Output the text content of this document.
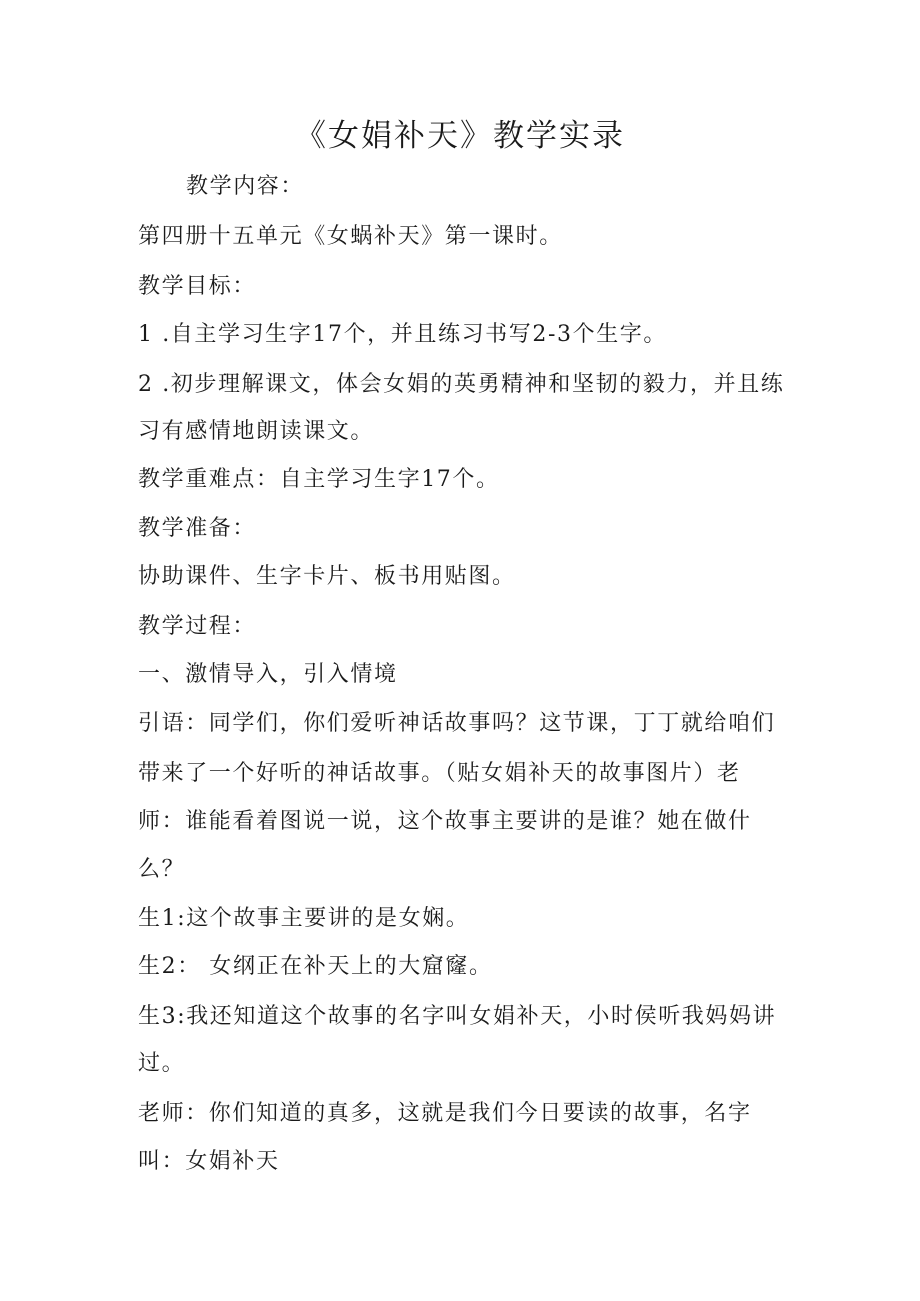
《女娟补天》教学实录
教学内容：
第四册十五单元《女蜗补天》第一课时。
教学目标：
1 .自主学习生字17个，并且练习书写2-3个生字。
2 .初步理解课文，体会女娟的英勇精神和坚韧的毅力，并且练
习有感情地朗读课文。
教学重难点：自主学习生字17个。
教学准备：
协助课件、生字卡片、板书用贴图。
教学过程：
一、激情导入，引入情境
引语：同学们，你们爱听神话故事吗？这节课，丁丁就给咱们
带来了一个好听的神话故事。（贴女娟补天的故事图片）老
师：谁能看着图说一说，这个故事主要讲的是谁？她在做什
么？
生1:这个故事主要讲的是女娴。
生2： 女纲正在补天上的大窟窿。
生3:我还知道这个故事的名字叫女娟补天，小时侯听我妈妈讲
过。
老师：你们知道的真多，这就是我们今日要读的故事，名字
叫：女娟补天
